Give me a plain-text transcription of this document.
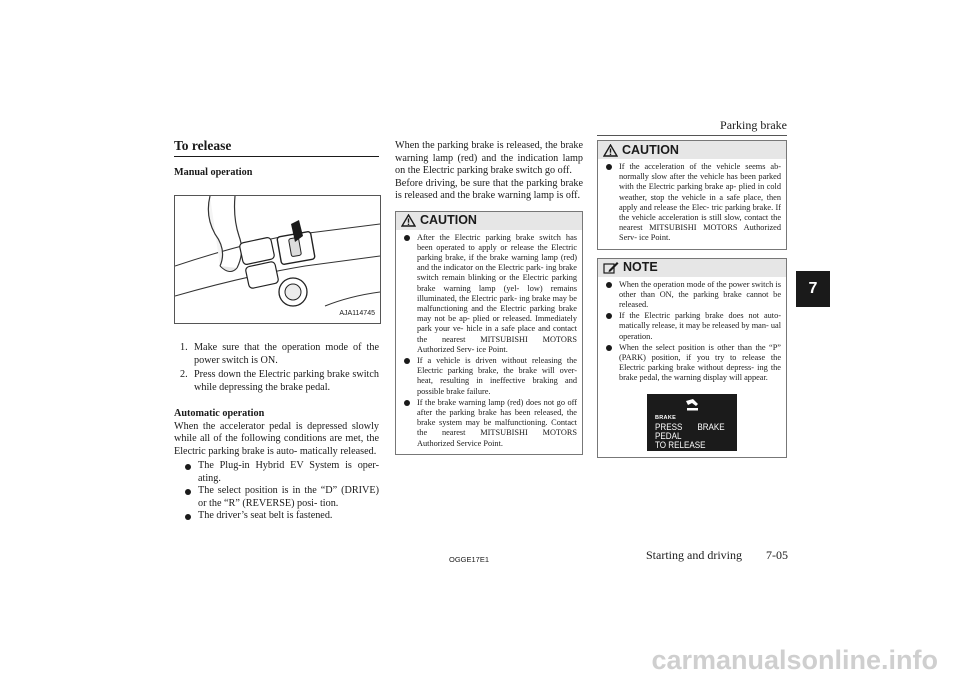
Parking brake
7
To release
Manual operation
AJA114745
1. Make sure that the operation mode of the power switch is ON.
2. Press down the Electric parking brake switch while depressing the brake pedal.
Automatic operation

When the accelerator pedal is depressed slowly while all of the following conditions are met, the Electric parking brake is auto- matically released.

The Plug-in Hybrid EV System is oper- ating.
The select position is in the “D” (DRIVE) or the “R” (REVERSE) posi- tion.
The driver’s seat belt is fastened.

When the parking brake is released, the brake warning lamp (red) and the indication lamp on the Electric parking brake switch go off.

Before driving, be sure that the parking brake is released and the brake warning lamp is off.

CAUTION
After the Electric parking brake switch has been operated to apply or release the Electric parking brake, if the brake warning lamp (red) and the indicator on the Electric park- ing brake switch remain blinking or the Electric parking brake warning lamp (yel- low) remains illuminated, the Electric park- ing brake may be malfunctioning and the Electric parking brake may not be ap- plied or released. Immediately park your ve- hicle in a safe place and contact the nearest MITSUBISHI MOTORS Authorized Serv- ice Point.
If a vehicle is driven without releasing the Electric parking brake, the brake will over- heat, resulting in ineffective braking and possible brake failure.
If the brake warning lamp (red) does not go off after the parking brake has been released, the brake system may be malfunctioning. Contact the nearest MITSUBISHI MOTORS Authorized Service Point.
CAUTION
If the acceleration of the vehicle seems ab- normally slow after the vehicle has been parked with the Electric parking brake ap- plied in cold weather, stop the vehicle in a safe place, then apply and release the Elec- tric parking brake. If the vehicle acceleration is still slow, contact the nearest MITSUBISHI MOTORS Authorized Serv- ice Point.
NOTE
When the operation mode of the power switch is other than ON, the parking brake cannot be released.
If the Electric parking brake does not auto- matically release, it may be released by man- ual operation.
When the select position is other than the “P” (PARK) position, if you try to release the Electric parking brake without depress- ing the brake pedal, the warning display will appear.
BRAKE
PRESS BRAKE PEDAL
TO RELEASE
OGGE17E1	Starting and driving 7-05
carmanualsonline.info
